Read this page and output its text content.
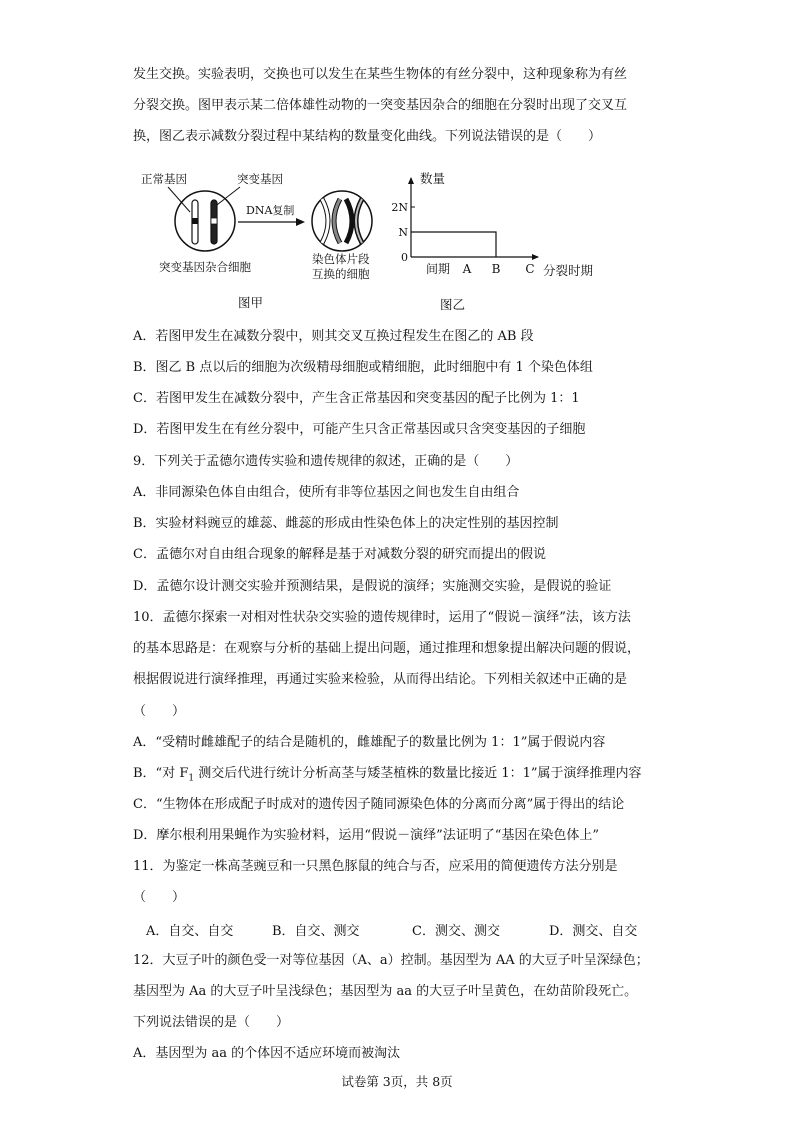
发生交换。实验表明，交换也可以发生在某些生物体的有丝分裂中，这种现象称为有丝
分裂交换。图甲表示某二倍体雄性动物的一突变基因杂合的细胞在分裂时出现了交叉互
换，图乙表示减数分裂过程中某结构的数量变化曲线。下列说法错误的是（　　）
正常基因	突变基因
DNA复制
突变基因杂合细胞
染色体片段
互换的细胞
图甲
数量
分裂时期
2N
N
0
间期 A B C
图乙
A．若图甲发生在减数分裂中，则其交叉互换过程发生在图乙的 AB 段
B．图乙 B 点以后的细胞为次级精母细胞或精细胞，此时细胞中有 1 个染色体组
C．若图甲发生在减数分裂中，产生含正常基因和突变基因的配子比例为 1：1
D．若图甲发生在有丝分裂中，可能产生只含正常基因或只含突变基因的子细胞
9．下列关于孟德尔遗传实验和遗传规律的叙述，正确的是（　　）
A．非同源染色体自由组合，使所有非等位基因之间也发生自由组合
B．实验材料豌豆的雄蕊、雌蕊的形成由性染色体上的决定性别的基因控制
C．孟德尔对自由组合现象的解释是基于对减数分裂的研究而提出的假说
D．孟德尔设计测交实验并预测结果，是假说的演绎；实施测交实验，是假说的验证
10．孟德尔探索一对相对性状杂交实验的遗传规律时，运用了“假说－演绎”法，该方法
的基本思路是：在观察与分析的基础上提出问题，通过推理和想象提出解决问题的假说，
根据假说进行演绎推理，再通过实验来检验，从而得出结论。下列相关叙述中正确的是
（　　）
A．“受精时雌雄配子的结合是随机的，雌雄配子的数量比例为 1：1”属于假说内容
B．“对 $F_1$ 测交后代进行统计分析高茎与矮茎植株的数量比接近 1：1”属于演绎推理内容
C．“生物体在形成配子时成对的遗传因子随同源染色体的分离而分离”属于得出的结论
D．摩尔根利用果蝇作为实验材料，运用“假说－演绎”法证明了“基因在染色体上”
11．为鉴定一株高茎豌豆和一只黑色豚鼠的纯合与否，应采用的简便遗传方法分别是
（　　）
A．自交、自交	B．自交、测交	C．测交、测交	D．测交、自交
12．大豆子叶的颜色受一对等位基因（A、a）控制。基因型为 AA 的大豆子叶呈深绿色；
基因型为 Aa 的大豆子叶呈浅绿色；基因型为 aa 的大豆子叶呈黄色，在幼苗阶段死亡。
下列说法错误的是（　　）
A．基因型为 aa 的个体因不适应环境而被淘汰
试卷第 3页，共 8页
